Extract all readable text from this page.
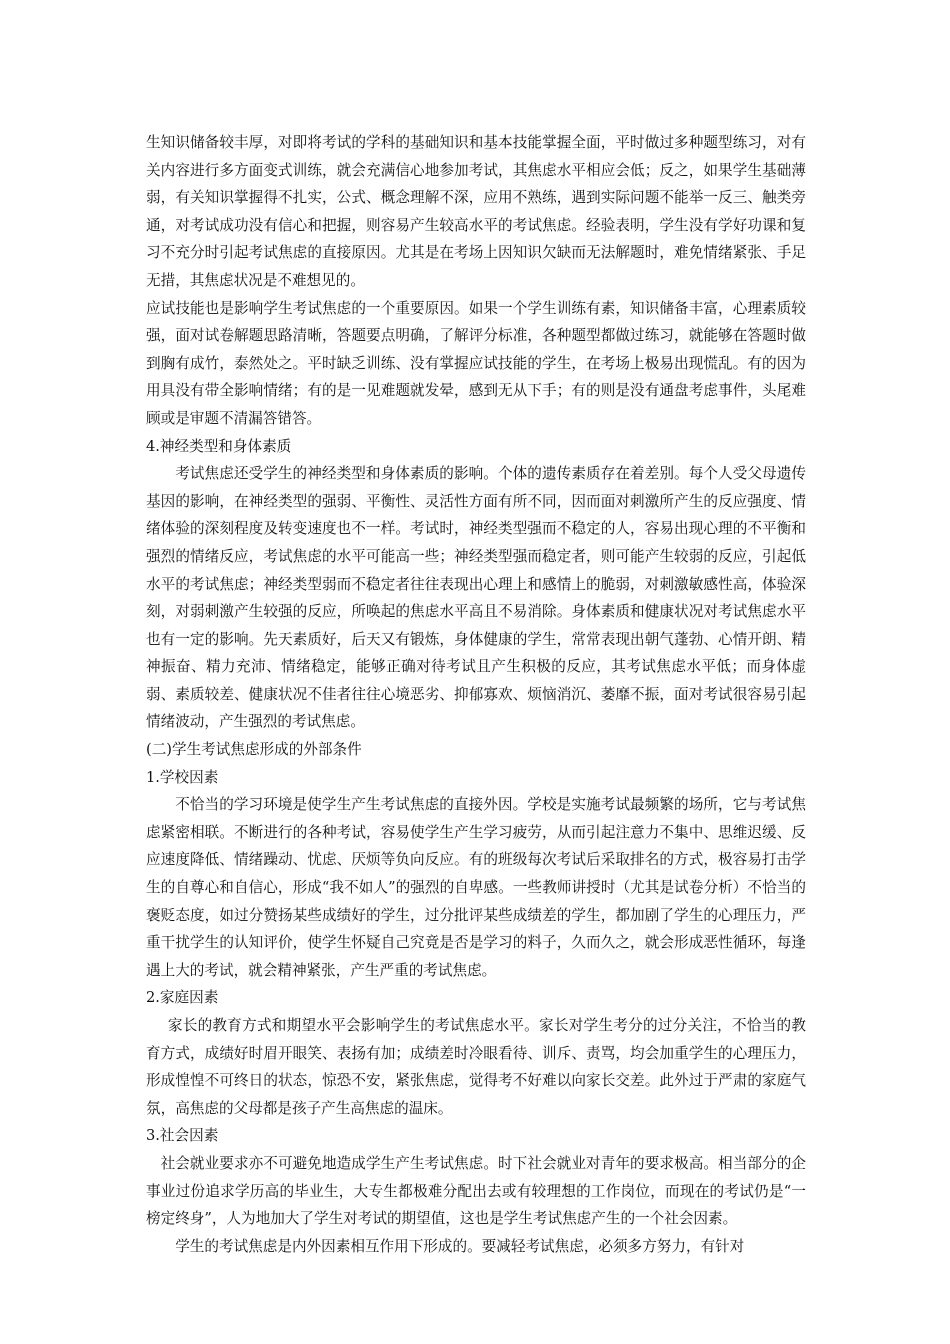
生知识储备较丰厚，对即将考试的学科的基础知识和基本技能掌握全面，平时做过多种题型练习，对有关内容进行多方面变式训练，就会充满信心地参加考试，其焦虑水平相应会低；反之，如果学生基础薄弱，有关知识掌握得不扎实，公式、概念理解不深，应用不熟练，遇到实际问题不能举一反三、触类旁通，对考试成功没有信心和把握，则容易产生较高水平的考试焦虑。经验表明，学生没有学好功课和复习不充分时引起考试焦虑的直接原因。尤其是在考场上因知识欠缺而无法解题时，难免情绪紧张、手足无措，其焦虑状况是不难想见的。

应试技能也是影响学生考试焦虑的一个重要原因。如果一个学生训练有素，知识储备丰富，心理素质较强，面对试卷解题思路清晰，答题要点明确，了解评分标准，各种题型都做过练习，就能够在答题时做到胸有成竹，泰然处之。平时缺乏训练、没有掌握应试技能的学生，在考场上极易出现慌乱。有的因为用具没有带全影响情绪；有的是一见难题就发晕，感到无从下手；有的则是没有通盘考虑事件，头尾难顾或是审题不清漏答错答。

4.神经类型和身体素质

考试焦虑还受学生的神经类型和身体素质的影响。个体的遗传素质存在着差别。每个人受父母遗传基因的影响，在神经类型的强弱、平衡性、灵活性方面有所不同，因而面对刺激所产生的反应强度、情绪体验的深刻程度及转变速度也不一样。考试时，神经类型强而不稳定的人，容易出现心理的不平衡和强烈的情绪反应，考试焦虑的水平可能高一些；神经类型强而稳定者，则可能产生较弱的反应，引起低水平的考试焦虑；神经类型弱而不稳定者往往表现出心理上和感情上的脆弱，对刺激敏感性高，体验深刻，对弱刺激产生较强的反应，所唤起的焦虑水平高且不易消除。身体素质和健康状况对考试焦虑水平也有一定的影响。先天素质好，后天又有锻炼，身体健康的学生，常常表现出朝气蓬勃、心情开朗、精神振奋、精力充沛、情绪稳定，能够正确对待考试且产生积极的反应，其考试焦虑水平低；而身体虚弱、素质较差、健康状况不佳者往往心境恶劣、抑郁寡欢、烦恼消沉、萎靡不振，面对考试很容易引起情绪波动，产生强烈的考试焦虑。

(二)学生考试焦虑形成的外部条件

1.学校因素

不恰当的学习环境是使学生产生考试焦虑的直接外因。学校是实施考试最频繁的场所，它与考试焦虑紧密相联。不断进行的各种考试，容易使学生产生学习疲劳，从而引起注意力不集中、思维迟缓、反应速度降低、情绪躁动、忧虑、厌烦等负向反应。有的班级每次考试后采取排名的方式，极容易打击学生的自尊心和自信心，形成“我不如人”的强烈的自卑感。一些教师讲授时（尤其是试卷分析）不恰当的褒贬态度，如过分赞扬某些成绩好的学生，过分批评某些成绩差的学生，都加剧了学生的心理压力，严重干扰学生的认知评价，使学生怀疑自己究竟是否是学习的料子，久而久之，就会形成恶性循环，每逢遇上大的考试，就会精神紧张，产生严重的考试焦虑。

2.家庭因素

家长的教育方式和期望水平会影响学生的考试焦虑水平。家长对学生考分的过分关注，不恰当的教育方式，成绩好时眉开眼笑、表扬有加；成绩差时冷眼看待、训斥、责骂，均会加重学生的心理压力，形成惶惶不可终日的状态，惊恐不安，紧张焦虑，觉得考不好难以向家长交差。此外过于严肃的家庭气氛，高焦虑的父母都是孩子产生高焦虑的温床。

3.社会因素

社会就业要求亦不可避免地造成学生产生考试焦虑。时下社会就业对青年的要求极高。相当部分的企事业过份追求学历高的毕业生，大专生都极难分配出去或有较理想的工作岗位，而现在的考试仍是“一榜定终身”，人为地加大了学生对考试的期望值，这也是学生考试焦虑产生的一个社会因素。

学生的考试焦虑是内外因素相互作用下形成的。要减轻考试焦虑，必须多方努力，有针对
